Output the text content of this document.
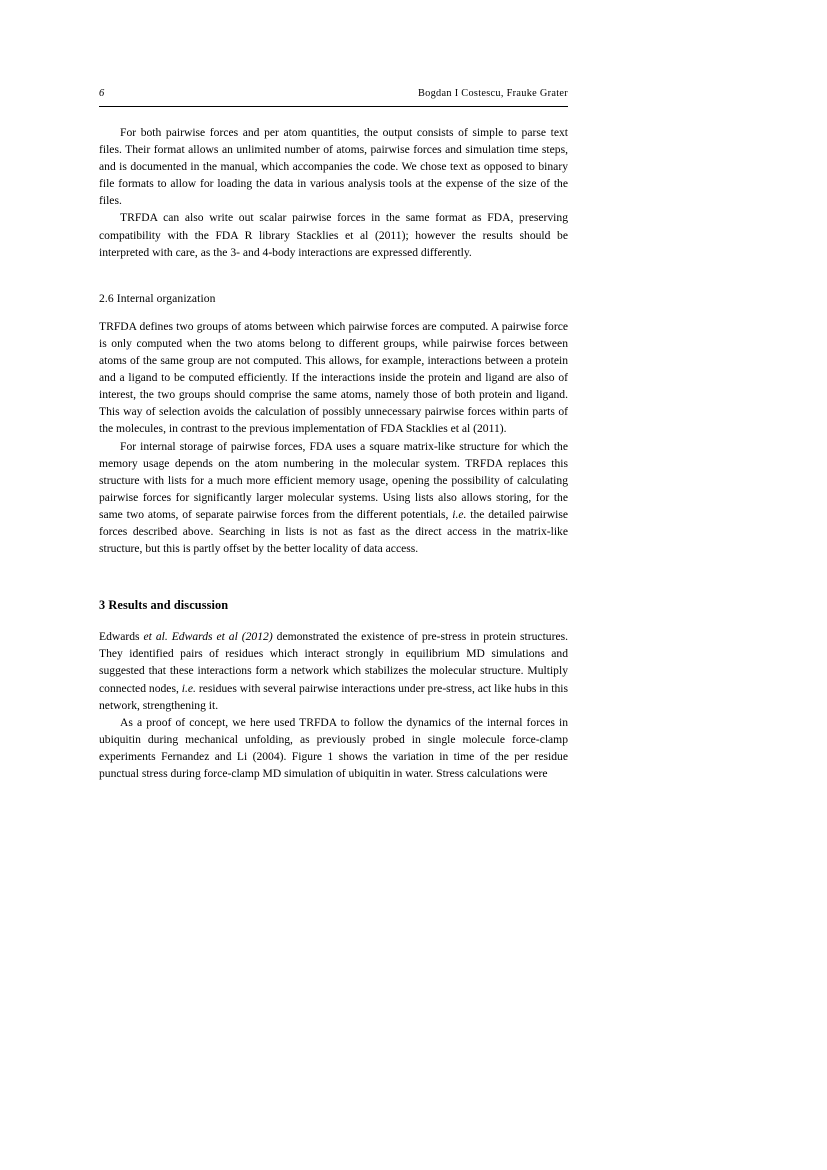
6	Bogdan I Costescu, Frauke Grater

For both pairwise forces and per atom quantities, the output consists of simple to parse text files. Their format allows an unlimited number of atoms, pairwise forces and simulation time steps, and is documented in the manual, which accompanies the code. We chose text as opposed to binary file formats to allow for loading the data in various analysis tools at the expense of the size of the files.

TRFDA can also write out scalar pairwise forces in the same format as FDA, preserving compatibility with the FDA R library Stacklies et al (2011); however the results should be interpreted with care, as the 3- and 4-body interactions are expressed differently.

2.6 Internal organization

TRFDA defines two groups of atoms between which pairwise forces are computed. A pairwise force is only computed when the two atoms belong to different groups, while pairwise forces between atoms of the same group are not computed. This allows, for example, interactions between a protein and a ligand to be computed efficiently. If the interactions inside the protein and ligand are also of interest, the two groups should comprise the same atoms, namely those of both protein and ligand. This way of selection avoids the calculation of possibly unnecessary pairwise forces within parts of the molecules, in contrast to the previous implementation of FDA Stacklies et al (2011).

For internal storage of pairwise forces, FDA uses a square matrix-like structure for which the memory usage depends on the atom numbering in the molecular system. TRFDA replaces this structure with lists for a much more efficient memory usage, opening the possibility of calculating pairwise forces for significantly larger molecular systems. Using lists also allows storing, for the same two atoms, of separate pairwise forces from the different potentials, i.e. the detailed pairwise forces described above. Searching in lists is not as fast as the direct access in the matrix-like structure, but this is partly offset by the better locality of data access.

3 Results and discussion

Edwards et al. Edwards et al (2012) demonstrated the existence of pre-stress in protein structures. They identified pairs of residues which interact strongly in equilibrium MD simulations and suggested that these interactions form a network which stabilizes the molecular structure. Multiply connected nodes, i.e. residues with several pairwise interactions under pre-stress, act like hubs in this network, strengthening it.

As a proof of concept, we here used TRFDA to follow the dynamics of the internal forces in ubiquitin during mechanical unfolding, as previously probed in single molecule force-clamp experiments Fernandez and Li (2004). Figure 1 shows the variation in time of the per residue punctual stress during force-clamp MD simulation of ubiquitin in water. Stress calculations were
